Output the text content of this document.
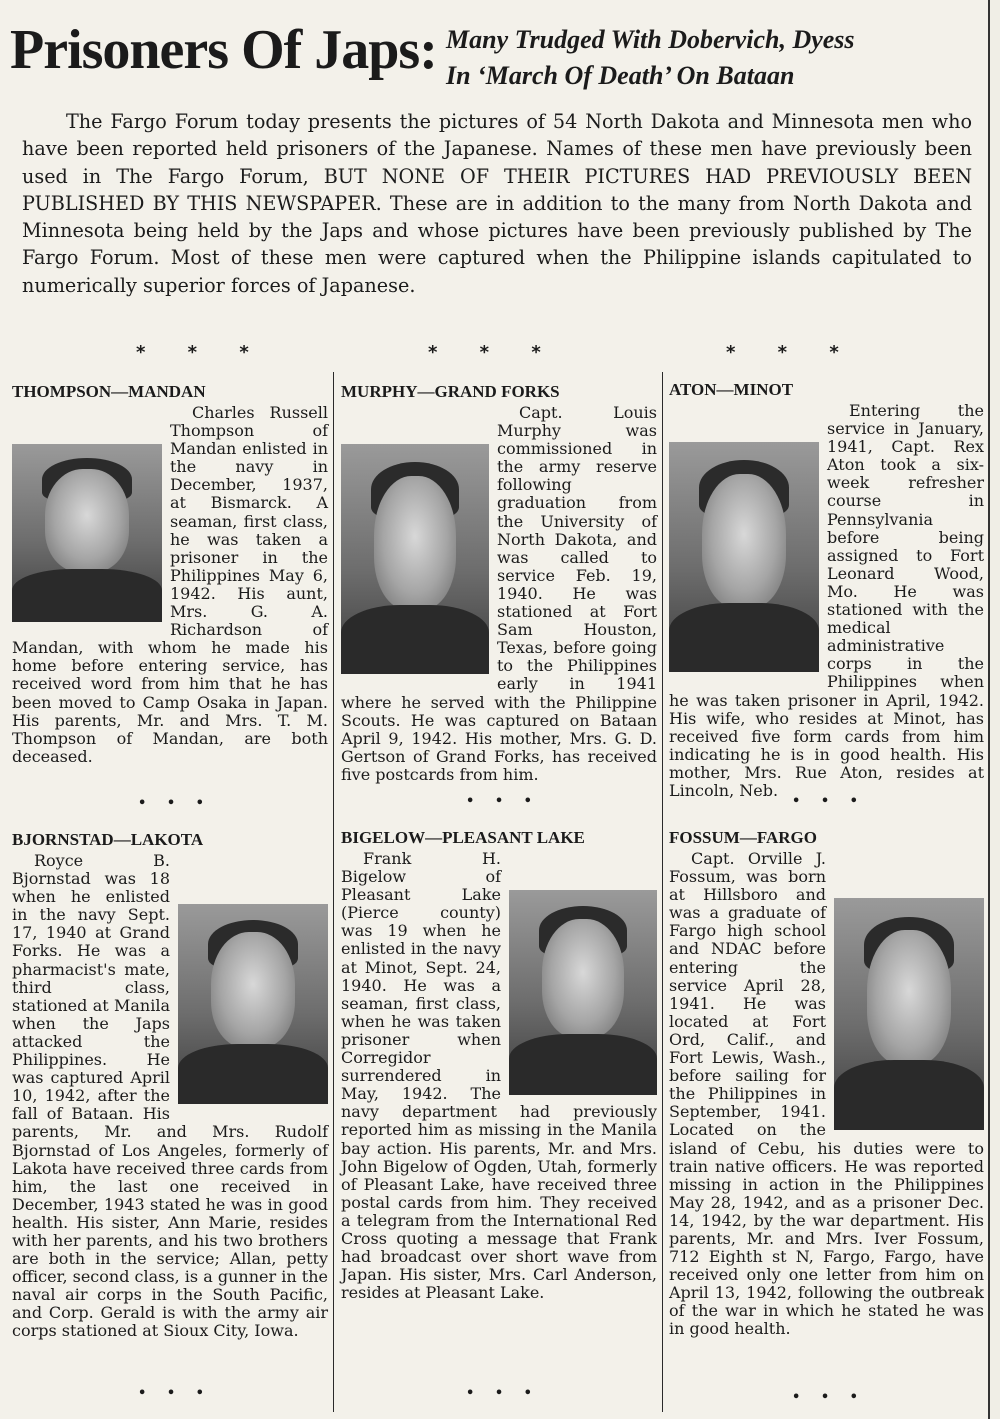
Prisoners Of Japs: Many Trudged With Dobervich, Dyess
In ‘March Of Death’ On Bataan
The Fargo Forum today presents the pictures of 54 North Dakota and Minnesota men who have been reported held prisoners of the Japanese. Names of these men have previously been used in The Fargo Forum, BUT NONE OF THEIR PICTURES HAD PREVIOUSLY BEEN PUBLISHED BY THIS NEWSPAPER. These are in addition to the many from North Dakota and Minnesota being held by the Japs and whose pictures have been previously published by The Fargo Forum. Most of these men were captured when the Philippine islands capitulated to numerically superior forces of Japanese.
* * *	* * *	* * *
THOMPSON—MANDAN

Charles Russell Thompson of Mandan enlisted in the navy in December, 1937, at Bismarck. A seaman, first class, he was taken a prisoner in the Philippines May 6, 1942. His aunt, Mrs. G. A. Richardson of Mandan, with whom he made his home before entering service, has received word from him that he has been moved to Camp Osaka in Japan. His parents, Mr. and Mrs. T. M. Thompson of Mandan, are both deceased.

MURPHY—GRAND FORKS

Capt. Louis Murphy was commissioned in the army reserve following graduation from the University of North Dakota, and was called to service Feb. 19, 1940. He was stationed at Fort Sam Houston, Texas, before going to the Philippines early in 1941 where he served with the Philippine Scouts. He was captured on Bataan April 9, 1942. His mother, Mrs. G. D. Gertson of Grand Forks, has received five postcards from him.

ATON—MINOT

Entering the service in January, 1941, Capt. Rex Aton took a six-week refresher course in Pennsylvania before being assigned to Fort Leonard Wood, Mo. He was stationed with the medical administrative corps in the Philippines when he was taken prisoner in April, 1942. His wife, who resides at Minot, has received five form cards from him indicating he is in good health. His mother, Mrs. Rue Aton, resides at Lincoln, Neb.

• • •	• • •	• • •
BJORNSTAD—LAKOTA

Royce B. Bjornstad was 18 when he enlisted in the navy Sept. 17, 1940 at Grand Forks. He was a pharmacist's mate, third class, stationed at Manila when the Japs attacked the Philippines. He was captured April 10, 1942, after the fall of Bataan. His parents, Mr. and Mrs. Rudolf Bjornstad of Los Angeles, formerly of Lakota have received three cards from him, the last one received in December, 1943 stated he was in good health. His sister, Ann Marie, resides with her parents, and his two brothers are both in the service; Allan, petty officer, second class, is a gunner in the naval air corps in the South Pacific, and Corp. Gerald is with the army air corps stationed at Sioux City, Iowa.

BIGELOW—PLEASANT LAKE

Frank H. Bigelow of Pleasant Lake (Pierce county) was 19 when he enlisted in the navy at Minot, Sept. 24, 1940. He was a seaman, first class, when he was taken prisoner when Corregidor surrendered in May, 1942. The navy department had previously reported him as missing in the Manila bay action. His parents, Mr. and Mrs. John Bigelow of Ogden, Utah, formerly of Pleasant Lake, have received three postal cards from him. They received a telegram from the International Red Cross quoting a message that Frank had broadcast over short wave from Japan. His sister, Mrs. Carl Anderson, resides at Pleasant Lake.

FOSSUM—FARGO

Capt. Orville J. Fossum, was born at Hillsboro and was a graduate of Fargo high school and NDAC before entering the service April 28, 1941. He was located at Fort Ord, Calif., and Fort Lewis, Wash., before sailing for the Philippines in September, 1941. Located on the island of Cebu, his duties were to train native officers. He was reported missing in action in the Philippines May 28, 1942, and as a prisoner Dec. 14, 1942, by the war department. His parents, Mr. and Mrs. Iver Fossum, 712 Eighth st N, Fargo, Fargo, have received only one letter from him on April 13, 1942, following the outbreak of the war in which he stated he was in good health.

• • •	• • •	• • •
